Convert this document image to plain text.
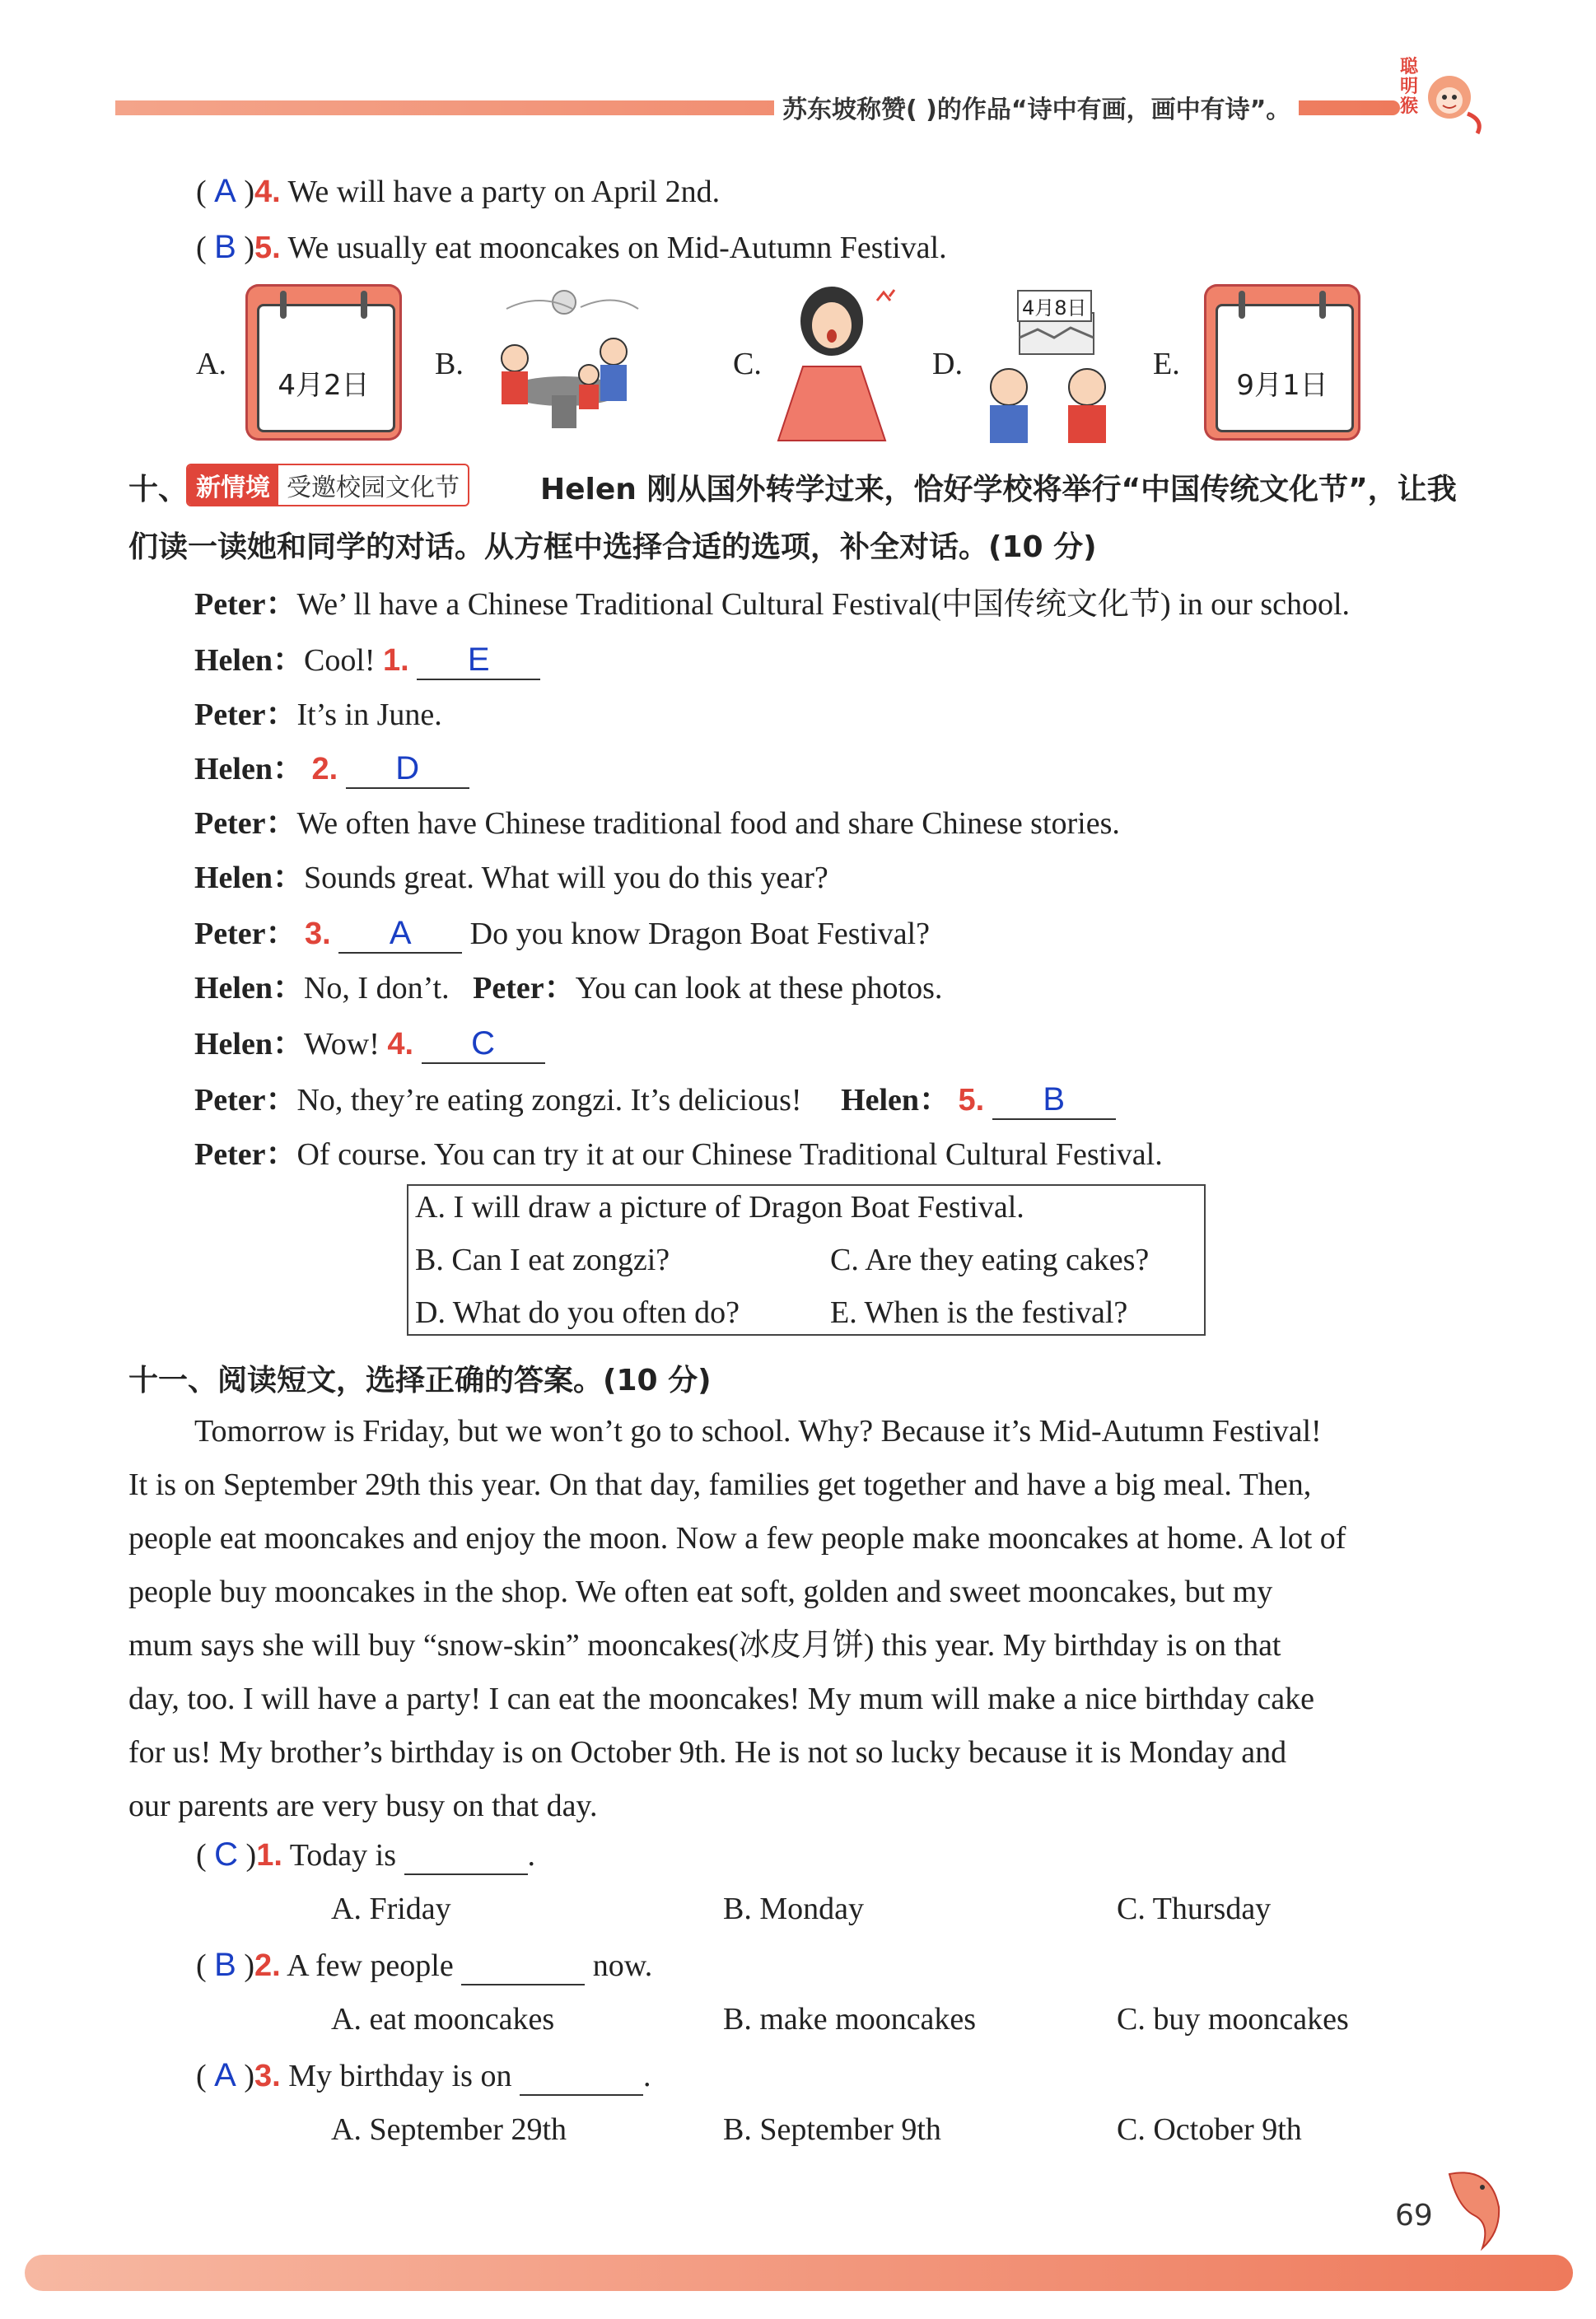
苏东坡称赞( )的作品“诗中有画，画中有诗”。
聪明猴
( A )4. We will have a party on April 2nd.
( B )5. We usually eat mooncakes on Mid-Autumn Festival.
A.
4月2日
B.	C.	D.
4月8日
E.
9月1日
十、 新情境 受邀校园文化节	Helen 刚从国外转学过来，恰好学校将举行“中国传统文化节”，让我
们读一读她和同学的对话。从方框中选择合适的选项，补全对话。(10 分)
Peter：We’ ll have a Chinese Traditional Cultural Festival(中国传统文化节) in our school.
Helen：Cool! 1. E
Peter：It’s in June.
Helen： 2. D
Peter：We often have Chinese traditional food and share Chinese stories.
Helen：Sounds great. What will you do this year?
Peter： 3. A Do you know Dragon Boat Festival?
Helen：No, I don’t. Peter：You can look at these photos.
Helen：Wow! 4. C
Peter：No, they’re eating zongzi. It’s delicious! Helen： 5. B
Peter：Of course. You can try it at our Chinese Traditional Cultural Festival.
A. I will draw a picture of Dragon Boat Festival.
B. Can I eat zongzi?	C. Are they eating cakes?
D. What do you often do?	E. When is the festival?
十一、阅读短文，选择正确的答案。(10 分)
Tomorrow is Friday, but we won’t go to school. Why? Because it’s Mid-Autumn Festival!
It is on September 29th this year. On that day, families get together and have a big meal. Then,
people eat mooncakes and enjoy the moon. Now a few people make mooncakes at home. A lot of
people buy mooncakes in the shop. We often eat soft, golden and sweet mooncakes, but my
mum says she will buy “snow-skin” mooncakes(冰皮月饼) this year. My birthday is on that
day, too. I will have a party! I can eat the mooncakes! My mum will make a nice birthday cake
for us! My brother’s birthday is on October 9th. He is not so lucky because it is Monday and
our parents are very busy on that day.
( C )1. Today is	.
A. Friday	B. Monday	C. Thursday
( B )2. A few people	now.
A. eat mooncakes	B. make mooncakes	C. buy mooncakes
( A )3. My birthday is on	.
A. September 29th	B. September 9th	C. October 9th
69
